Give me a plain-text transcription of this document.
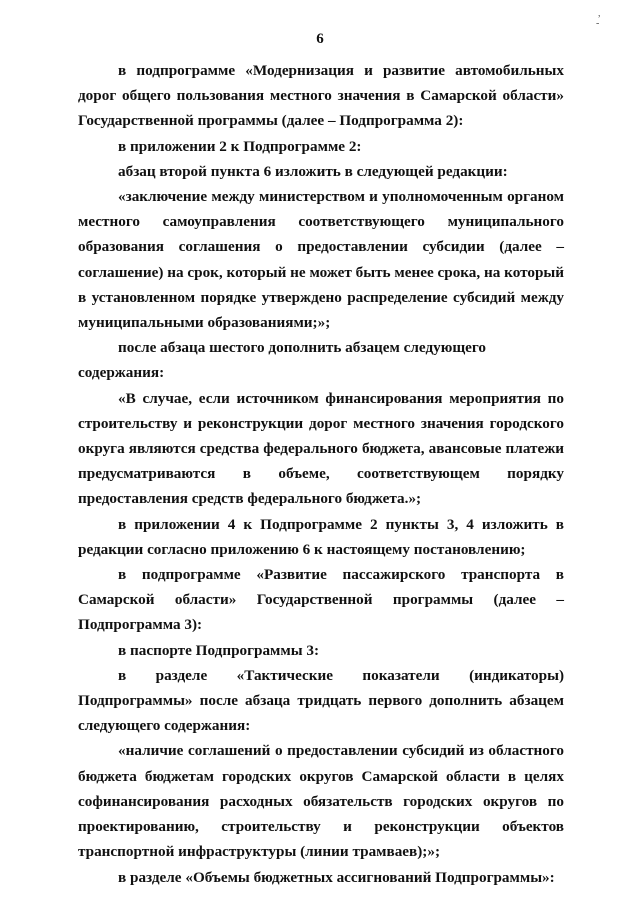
,
-
6

в подпрограмме «Модернизация и развитие автомобильных дорог общего пользования местного значения в Самарской области» Государственной программы (далее – Подпрограмма 2):

в приложении 2 к Подпрограмме 2:

абзац второй пункта 6 изложить в следующей редакции:

«заключение между министерством и уполномоченным органом местного самоуправления соответствующего муниципального образования соглашения о предоставлении субсидии (далее – соглашение) на срок, который не может быть менее срока, на который в установленном порядке утверждено распределение субсидий между муниципальными образованиями;»;

после абзаца шестого дополнить абзацем следующего содержания:

«В случае, если источником финансирования мероприятия по строительству и реконструкции дорог местного значения городского округа являются средства федерального бюджета, авансовые платежи предусматриваются в объеме, соответствующем порядку предоставления средств федерального бюджета.»;

в приложении 4 к Подпрограмме 2 пункты 3, 4 изложить в редакции согласно приложению 6 к настоящему постановлению;

в подпрограмме «Развитие пассажирского транспорта в Самарской области» Государственной программы (далее – Подпрограмма 3):

в паспорте Подпрограммы 3:

в разделе «Тактические показатели (индикаторы) Подпрограммы» после абзаца тридцать первого дополнить абзацем следующего содержания:

«наличие соглашений о предоставлении субсидий из областного бюджета бюджетам городских округов Самарской области в целях софинансирования расходных обязательств городских округов по проектированию, строительству и реконструкции объектов транспортной инфраструктуры (линии трамваев);»;

в разделе «Объемы бюджетных ассигнований Подпрограммы»:
